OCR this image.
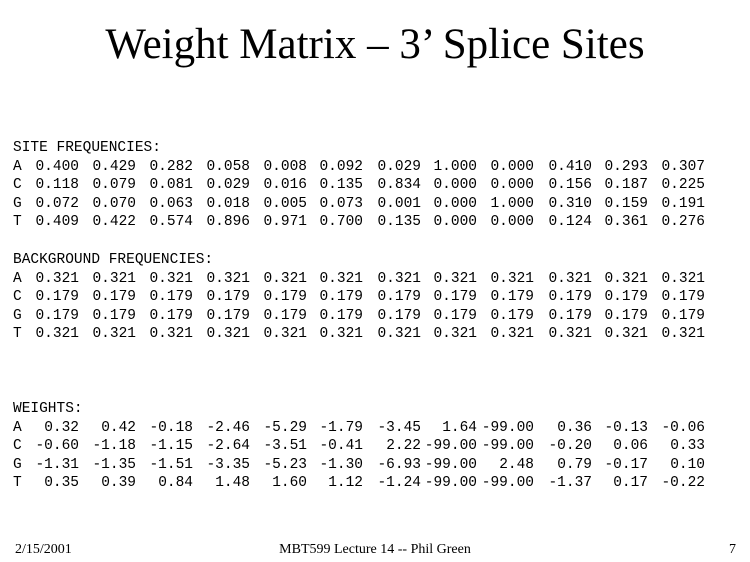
Weight Matrix – 3’ Splice Sites
SITE FREQUENCIES:
A 0.400 0.429 0.282 0.058 0.008 0.092 0.029 1.000 0.000 0.410 0.293 0.307
C 0.118 0.079 0.081 0.029 0.016 0.135 0.834 0.000 0.000 0.156 0.187 0.225
G 0.072 0.070 0.063 0.018 0.005 0.073 0.001 0.000 1.000 0.310 0.159 0.191
T 0.409 0.422 0.574 0.896 0.971 0.700 0.135 0.000 0.000 0.124 0.361 0.276
BACKGROUND FREQUENCIES:
A 0.321 0.321 0.321 0.321 0.321 0.321 0.321 0.321 0.321 0.321 0.321 0.321
C 0.179 0.179 0.179 0.179 0.179 0.179 0.179 0.179 0.179 0.179 0.179 0.179
G 0.179 0.179 0.179 0.179 0.179 0.179 0.179 0.179 0.179 0.179 0.179 0.179
T 0.321 0.321 0.321 0.321 0.321 0.321 0.321 0.321 0.321 0.321 0.321 0.321
WEIGHTS:
A	0.32	0.42 -0.18 -2.46 -5.29 -1.79 -3.45	1.64 -99.00	0.36 -0.13 -0.06
C -0.60 -1.18 -1.15 -2.64 -3.51 -0.41	2.22 -99.00 -99.00 -0.20	0.06	0.33
G -1.31 -1.35 -1.51 -3.35 -5.23 -1.30 -6.93 -99.00	2.48	0.79 -0.17	0.10
T	0.35	0.39	0.84	1.48	1.60	1.12 -1.24 -99.00 -99.00 -1.37	0.17 -0.22
2/15/2001	MBT599 Lecture 14 -- Phil Green	7
